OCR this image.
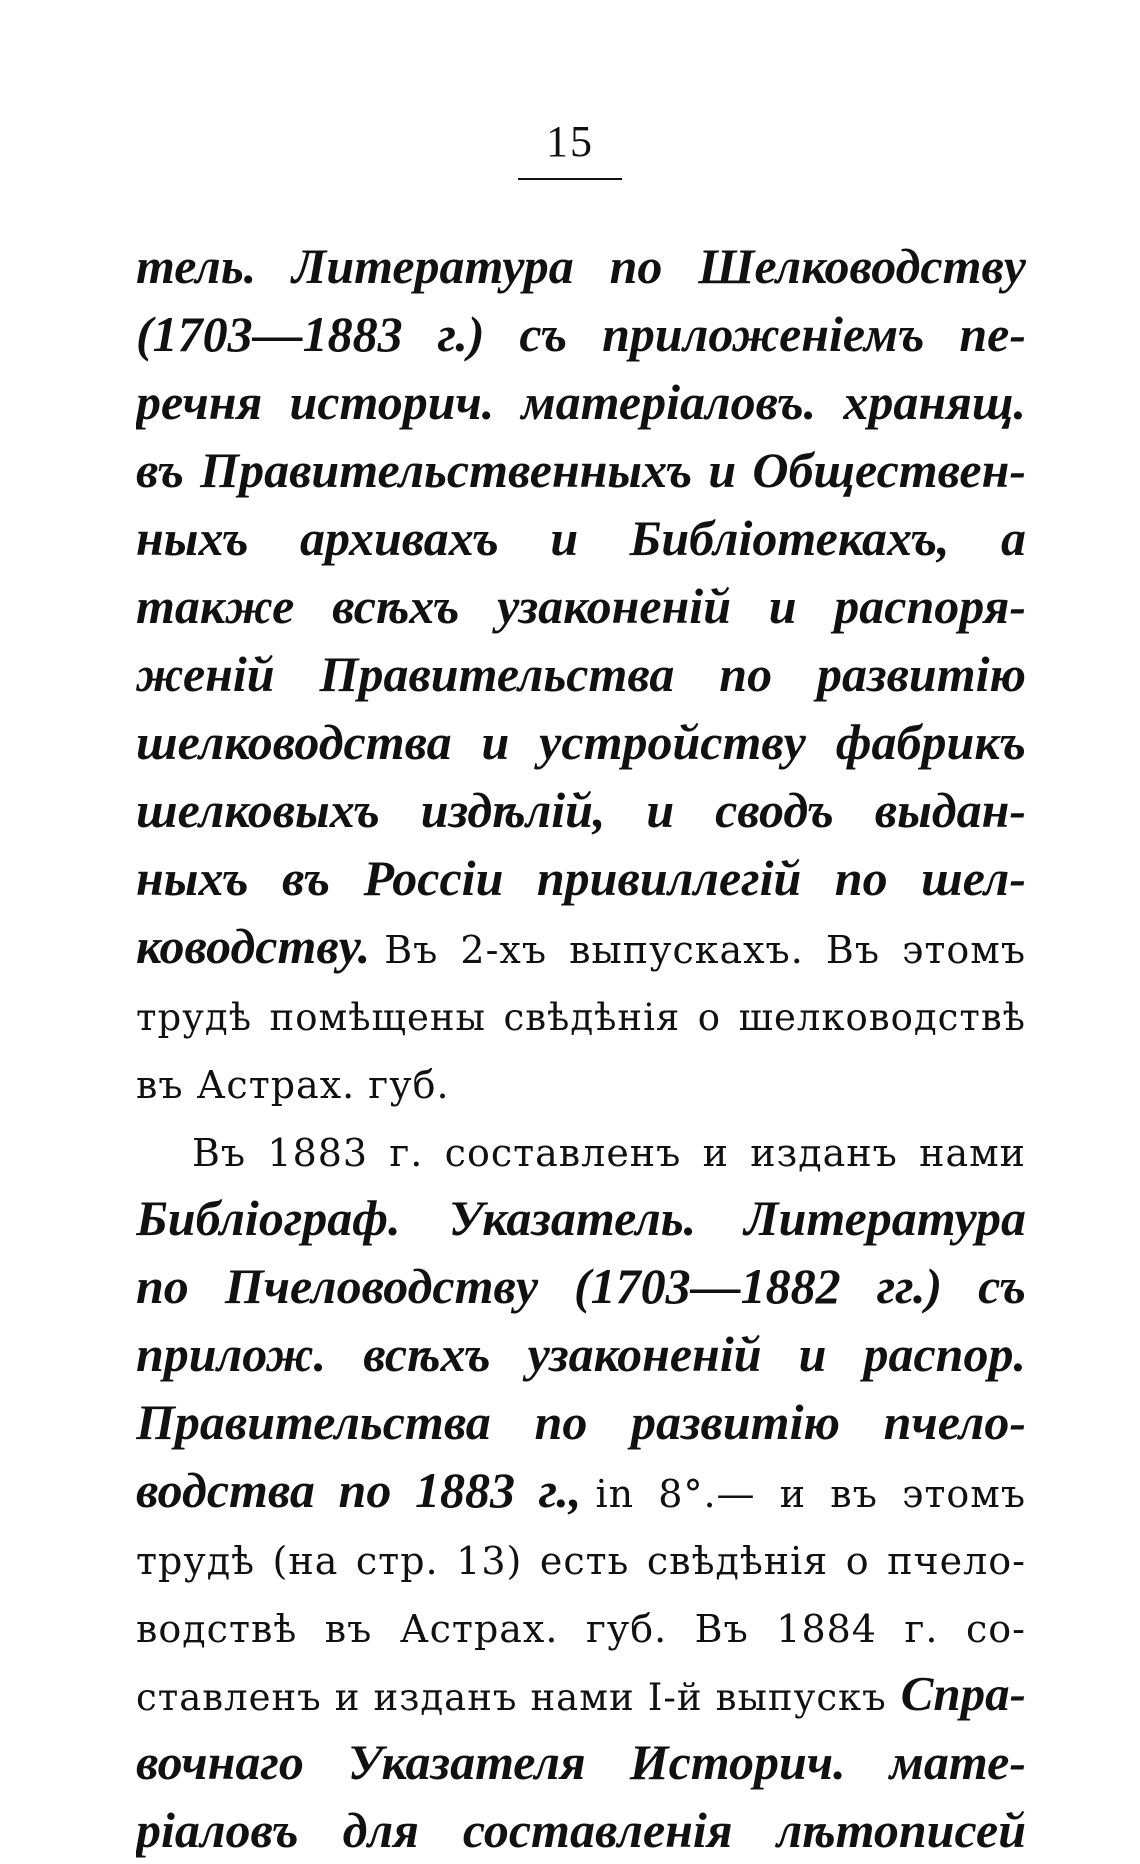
15
тель. Литература по Шелководству
(1703—1883 г.) съ приложеніемъ пе-
речня историч. матеріаловъ. хранящ.
въ Правительственныхъ и Обществен-
ныхъ архивахъ и Библіотекахъ, а
также всѣхъ узаконеній и распоря-
женій Правительства по развитію
шелководства и устройству фабрикъ
шелковыхъ издѣлій, и сводъ выдан-
ныхъ въ Россіи привиллегій по шел-
ководству. Въ 2-хъ выпускахъ. Въ этомъ
трудѣ помѣщены свѣдѣнія о шелководствѣ
въ Астрах. губ.
Въ 1883 г. составленъ и изданъ нами
Библіограф. Указатель. Литература
по Пчеловодству (1703—1882 гг.) съ
прилож. всѣхъ узаконеній и распор.
Правительства по развитію пчело-
водства по 1883 г., in 8°.— и въ этомъ
трудѣ (на стр. 13) есть свѣдѣнія о пчело-
водствѣ въ Астрах. губ. Въ 1884 г. со-
ставленъ и изданъ нами I-й выпускъ Спра-
вочнаго Указателя Историч. мате-
ріаловъ для составленія лѣтописей
